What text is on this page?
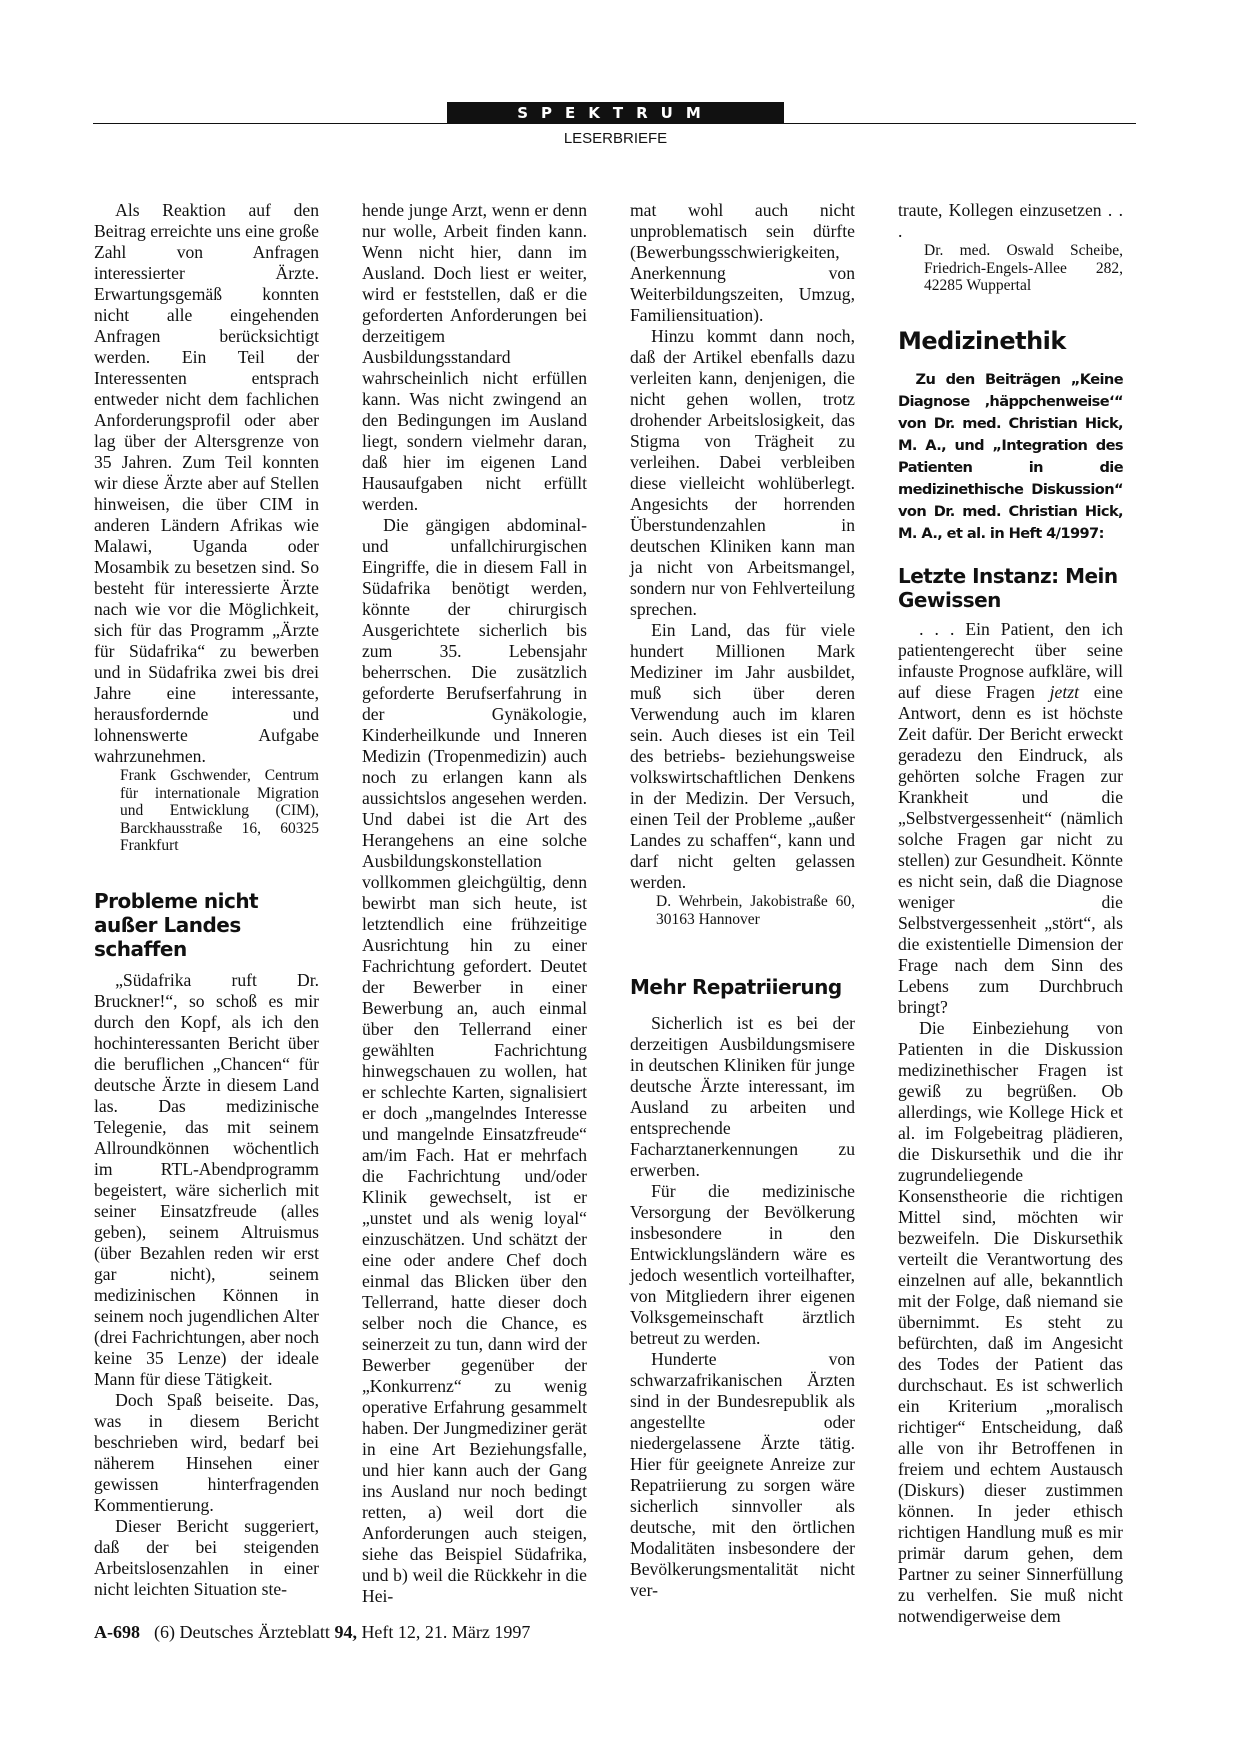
SPEKTRUM
LESERBRIEFE

Als Reaktion auf den Beitrag erreichte uns eine große Zahl von Anfragen interessierter Ärzte. Erwartungsgemäß konnten nicht alle eingehenden Anfragen berücksichtigt werden. Ein Teil der Interessenten entsprach entweder nicht dem fachlichen Anforderungsprofil oder aber lag über der Altersgrenze von 35 Jahren. Zum Teil konnten wir diese Ärzte aber auf Stellen hinweisen, die über CIM in anderen Ländern Afrikas wie Malawi, Uganda oder Mosambik zu besetzen sind. So besteht für interessierte Ärzte nach wie vor die Möglichkeit, sich für das Programm „Ärzte für Südafrika“ zu bewerben und in Südafrika zwei bis drei Jahre eine interessante, herausfordernde und lohnenswerte Aufgabe wahrzunehmen.

Frank Gschwender, Centrum für internationale Migration und Entwicklung (CIM), Barckhausstraße 16, 60325 Frankfurt

Probleme nicht außer Landes schaffen

„Südafrika ruft Dr. Bruckner!“, so schoß es mir durch den Kopf, als ich den hochinteressanten Bericht über die beruflichen „Chancen“ für deutsche Ärzte in diesem Land las. Das medizinische Telegenie, das mit seinem Allroundkönnen wöchentlich im RTL-Abendprogramm begeistert, wäre sicherlich mit seiner Einsatzfreude (alles geben), seinem Altruismus (über Bezahlen reden wir erst gar nicht), seinem medizinischen Können in seinem noch jugendlichen Alter (drei Fachrichtungen, aber noch keine 35 Lenze) der ideale Mann für diese Tätigkeit.

Doch Spaß beiseite. Das, was in diesem Bericht beschrieben wird, bedarf bei näherem Hinsehen einer gewissen hinterfragenden Kommentierung.

Dieser Bericht suggeriert, daß der bei steigenden Arbeitslosenzahlen in einer nicht leichten Situation ste-

hende junge Arzt, wenn er denn nur wolle, Arbeit finden kann. Wenn nicht hier, dann im Ausland. Doch liest er weiter, wird er feststellen, daß er die geforderten Anforderungen bei derzeitigem Ausbildungsstandard wahrscheinlich nicht erfüllen kann. Was nicht zwingend an den Bedingungen im Ausland liegt, sondern vielmehr daran, daß hier im eigenen Land Hausaufgaben nicht erfüllt werden.

Die gängigen abdominal- und unfallchirurgischen Eingriffe, die in diesem Fall in Südafrika benötigt werden, könnte der chirurgisch Ausgerichtete sicherlich bis zum 35. Lebensjahr beherrschen. Die zusätzlich geforderte Berufserfahrung in der Gynäkologie, Kinderheilkunde und Inneren Medizin (Tropenmedizin) auch noch zu erlangen kann als aussichtslos angesehen werden. Und dabei ist die Art des Herangehens an eine solche Ausbildungskonstellation vollkommen gleichgültig, denn bewirbt man sich heute, ist letztendlich eine frühzeitige Ausrichtung hin zu einer Fachrichtung gefordert. Deutet der Bewerber in einer Bewerbung an, auch einmal über den Tellerrand einer gewählten Fachrichtung hinwegschauen zu wollen, hat er schlechte Karten, signalisiert er doch „mangelndes Interesse und mangelnde Einsatzfreude“ am/im Fach. Hat er mehrfach die Fachrichtung und/oder Klinik gewechselt, ist er „unstet und als wenig loyal“ einzuschätzen. Und schätzt der eine oder andere Chef doch einmal das Blicken über den Tellerrand, hatte dieser doch selber noch die Chance, es seinerzeit zu tun, dann wird der Bewerber gegenüber der „Konkurrenz“ zu wenig operative Erfahrung gesammelt haben. Der Jungmediziner gerät in eine Art Beziehungsfalle, und hier kann auch der Gang ins Ausland nur noch bedingt retten, a) weil dort die Anforderungen auch steigen, siehe das Beispiel Südafrika, und b) weil die Rückkehr in die Hei-

mat wohl auch nicht unproblematisch sein dürfte (Bewerbungsschwierigkeiten, Anerkennung von Weiterbildungszeiten, Umzug, Familiensituation).

Hinzu kommt dann noch, daß der Artikel ebenfalls dazu verleiten kann, denjenigen, die nicht gehen wollen, trotz drohender Arbeitslosigkeit, das Stigma von Trägheit zu verleihen. Dabei verbleiben diese vielleicht wohlüberlegt. Angesichts der horrenden Überstundenzahlen in deutschen Kliniken kann man ja nicht von Arbeitsmangel, sondern nur von Fehlverteilung sprechen.

Ein Land, das für viele hundert Millionen Mark Mediziner im Jahr ausbildet, muß sich über deren Verwendung auch im klaren sein. Auch dieses ist ein Teil des betriebs- beziehungsweise volkswirtschaftlichen Denkens in der Medizin. Der Versuch, einen Teil der Probleme „außer Landes zu schaffen“, kann und darf nicht gelten gelassen werden.

D. Wehrbein, Jakobistraße 60, 30163 Hannover

Mehr Repatriierung

Sicherlich ist es bei der derzeitigen Ausbildungsmisere in deutschen Kliniken für junge deutsche Ärzte interessant, im Ausland zu arbeiten und entsprechende Facharztanerkennungen zu erwerben.

Für die medizinische Versorgung der Bevölkerung insbesondere in den Entwicklungsländern wäre es jedoch wesentlich vorteilhafter, von Mitgliedern ihrer eigenen Volksgemeinschaft ärztlich betreut zu werden.

Hunderte von schwarzafrikanischen Ärzten sind in der Bundesrepublik als angestellte oder niedergelassene Ärzte tätig. Hier für geeignete Anreize zur Repatriierung zu sorgen wäre sicherlich sinnvoller als deutsche, mit den örtlichen Modalitäten insbesondere der Bevölkerungsmentalität nicht ver-

traute, Kollegen einzusetzen . . .

Dr. med. Oswald Scheibe, Friedrich-Engels-Allee 282, 42285 Wuppertal

Medizinethik

Zu den Beiträgen „Keine Diagnose ‚häppchenweise‘“ von Dr. med. Christian Hick, M. A., und „Integration des Patienten in die medizinethische Diskussion“ von Dr. med. Christian Hick, M. A., et al. in Heft 4/1997:

Letzte Instanz: Mein Gewissen

. . . Ein Patient, den ich patientengerecht über seine infauste Prognose aufkläre, will auf diese Fragen jetzt eine Antwort, denn es ist höchste Zeit dafür. Der Bericht erweckt geradezu den Eindruck, als gehörten solche Fragen zur Krankheit und die „Selbstvergessenheit“ (nämlich solche Fragen gar nicht zu stellen) zur Gesundheit. Könnte es nicht sein, daß die Diagnose weniger die Selbstvergessenheit „stört“, als die existentielle Dimension der Frage nach dem Sinn des Lebens zum Durchbruch bringt?

Die Einbeziehung von Patienten in die Diskussion medizinethischer Fragen ist gewiß zu begrüßen. Ob allerdings, wie Kollege Hick et al. im Folgebeitrag plädieren, die Diskursethik und die ihr zugrundeliegende Konsenstheorie die richtigen Mittel sind, möchten wir bezweifeln. Die Diskursethik verteilt die Verantwortung des einzelnen auf alle, bekanntlich mit der Folge, daß niemand sie übernimmt. Es steht zu befürchten, daß im Angesicht des Todes der Patient das durchschaut. Es ist schwerlich ein Kriterium „moralisch richtiger“ Entscheidung, daß alle von ihr Betroffenen in freiem und echtem Austausch (Diskurs) dieser zustimmen können. In jeder ethisch richtigen Handlung muß es mir primär darum gehen, dem Partner zu seiner Sinnerfüllung zu verhelfen. Sie muß nicht notwendigerweise dem

A-698 (6) Deutsches Ärzteblatt 94, Heft 12, 21. März 1997
